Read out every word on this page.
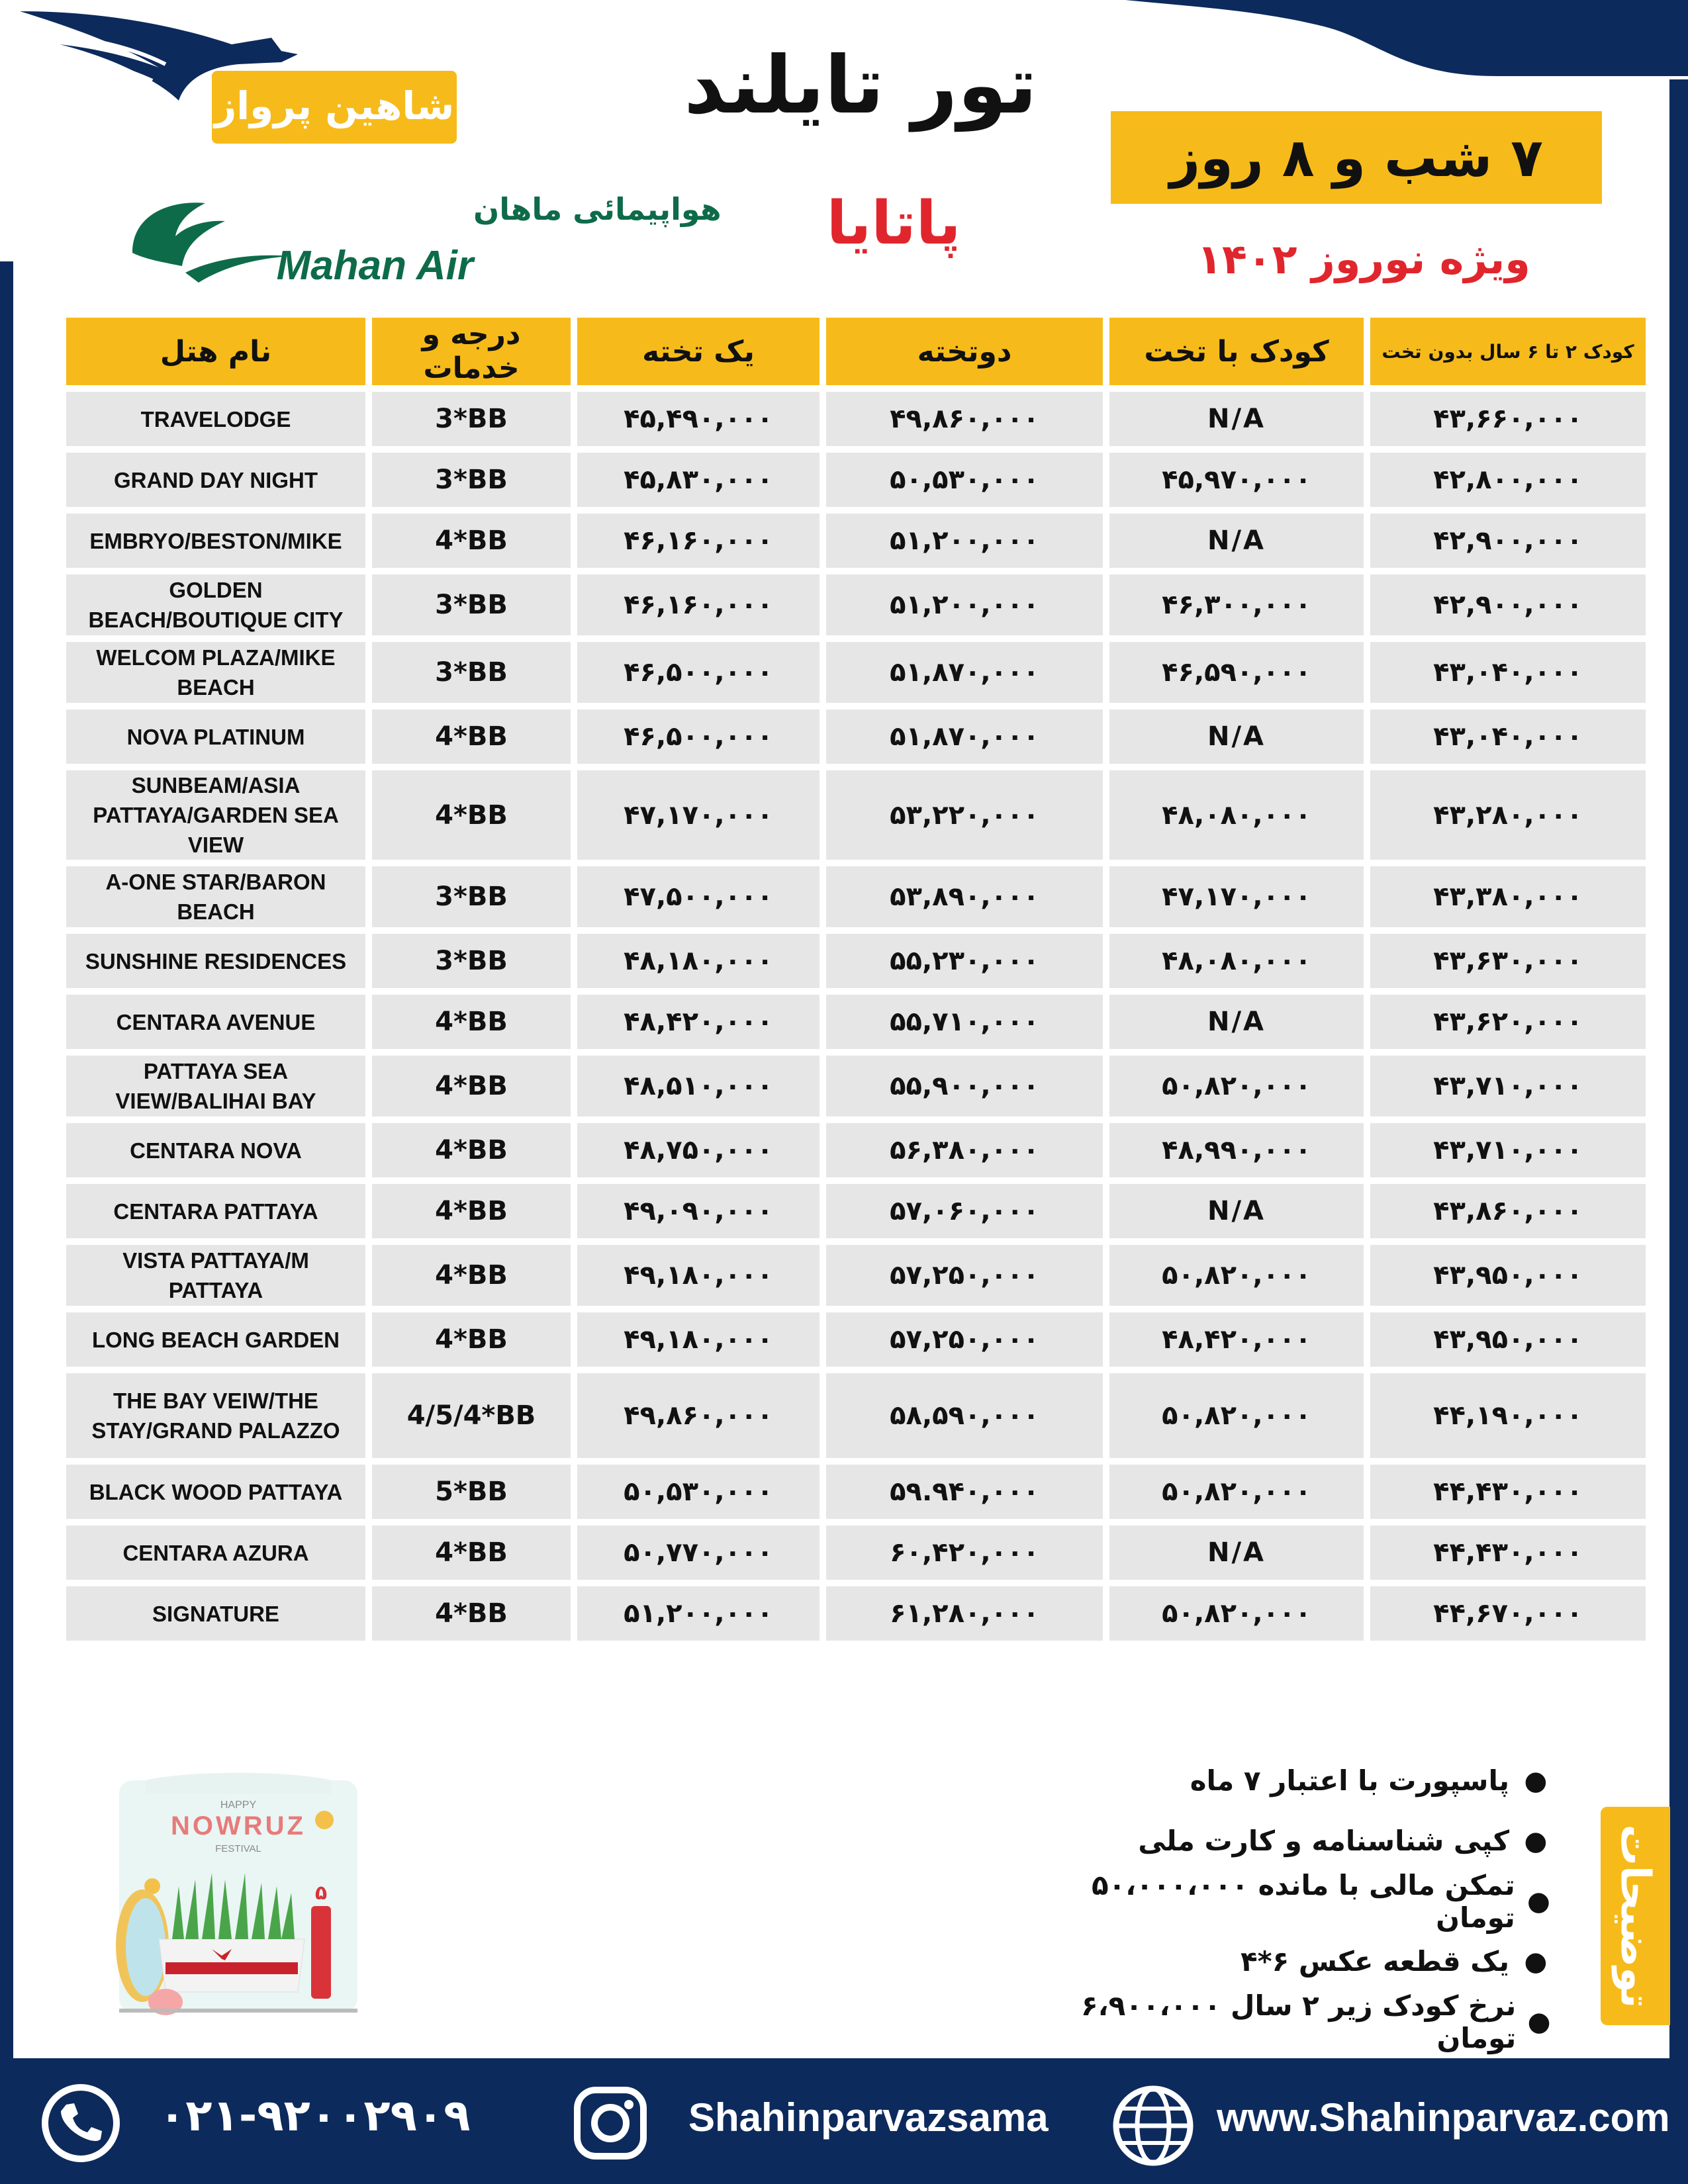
شاهین پرواز
هواپیمائی ماهان
Mahan Air
تور تایلند
پاتایا
۷ شب و ۸ روز
ویژه نوروز ۱۴۰۲
نام هتل	درجه و خدمات	یک تخته	دوتخته	کودک با تخت	کودک ۲ تا ۶ سال بدون تخت
TRAVELODGE	3*BB	۴۵,۴۹۰,۰۰۰	۴۹,۸۶۰,۰۰۰	N/A	۴۳,۶۶۰,۰۰۰
GRAND DAY NIGHT	3*BB	۴۵,۸۳۰,۰۰۰	۵۰,۵۳۰,۰۰۰	۴۵,۹۷۰,۰۰۰	۴۲,۸۰۰,۰۰۰
EMBRYO/BESTON/MIKE	4*BB	۴۶,۱۶۰,۰۰۰	۵۱,۲۰۰,۰۰۰	N/A	۴۲,۹۰۰,۰۰۰
GOLDEN BEACH/BOUTIQUE CITY	3*BB	۴۶,۱۶۰,۰۰۰	۵۱,۲۰۰,۰۰۰	۴۶,۳۰۰,۰۰۰	۴۲,۹۰۰,۰۰۰
WELCOM PLAZA/MIKE BEACH	3*BB	۴۶,۵۰۰,۰۰۰	۵۱,۸۷۰,۰۰۰	۴۶,۵۹۰,۰۰۰	۴۳,۰۴۰,۰۰۰
NOVA PLATINUM	4*BB	۴۶,۵۰۰,۰۰۰	۵۱,۸۷۰,۰۰۰	N/A	۴۳,۰۴۰,۰۰۰
SUNBEAM/ASIA PATTAYA/GARDEN SEA VIEW	4*BB	۴۷,۱۷۰,۰۰۰	۵۳,۲۲۰,۰۰۰	۴۸,۰۸۰,۰۰۰	۴۳,۲۸۰,۰۰۰
A-ONE STAR/BARON BEACH	3*BB	۴۷,۵۰۰,۰۰۰	۵۳,۸۹۰,۰۰۰	۴۷,۱۷۰,۰۰۰	۴۳,۳۸۰,۰۰۰
SUNSHINE RESIDENCES	3*BB	۴۸,۱۸۰,۰۰۰	۵۵,۲۳۰,۰۰۰	۴۸,۰۸۰,۰۰۰	۴۳,۶۳۰,۰۰۰
CENTARA AVENUE	4*BB	۴۸,۴۲۰,۰۰۰	۵۵,۷۱۰,۰۰۰	N/A	۴۳,۶۲۰,۰۰۰
PATTAYA SEA VIEW/BALIHAI BAY	4*BB	۴۸,۵۱۰,۰۰۰	۵۵,۹۰۰,۰۰۰	۵۰,۸۲۰,۰۰۰	۴۳,۷۱۰,۰۰۰
CENTARA NOVA	4*BB	۴۸,۷۵۰,۰۰۰	۵۶,۳۸۰,۰۰۰	۴۸,۹۹۰,۰۰۰	۴۳,۷۱۰,۰۰۰
CENTARA PATTAYA	4*BB	۴۹,۰۹۰,۰۰۰	۵۷,۰۶۰,۰۰۰	N/A	۴۳,۸۶۰,۰۰۰
VISTA PATTAYA/M PATTAYA	4*BB	۴۹,۱۸۰,۰۰۰	۵۷,۲۵۰,۰۰۰	۵۰,۸۲۰,۰۰۰	۴۳,۹۵۰,۰۰۰
LONG BEACH GARDEN	4*BB	۴۹,۱۸۰,۰۰۰	۵۷,۲۵۰,۰۰۰	۴۸,۴۲۰,۰۰۰	۴۳,۹۵۰,۰۰۰
THE BAY VEIW/THE STAY/GRAND PALAZZO	4/5/4*BB	۴۹,۸۶۰,۰۰۰	۵۸,۵۹۰,۰۰۰	۵۰,۸۲۰,۰۰۰	۴۴,۱۹۰,۰۰۰
BLACK WOOD PATTAYA	5*BB	۵۰,۵۳۰,۰۰۰	۵۹.۹۴۰,۰۰۰	۵۰,۸۲۰,۰۰۰	۴۴,۴۳۰,۰۰۰
CENTARA AZURA	4*BB	۵۰,۷۷۰,۰۰۰	۶۰,۴۲۰,۰۰۰	N/A	۴۴,۴۳۰,۰۰۰
SIGNATURE	4*BB	۵۱,۲۰۰,۰۰۰	۶۱,۲۸۰,۰۰۰	۵۰,۸۲۰,۰۰۰	۴۴,۶۷۰,۰۰۰
HAPPY
NOWRUZ
FESTIVAL
۵
●
پاسپورت با اعتبار ۷ ماه
●
کپی شناسنامه و کارت ملی
●
تمکن مالی با مانده ۵۰،۰۰۰،۰۰۰ تومان
●
یک قطعه عکس ۶*۴
●
نرخ کودک زیر ۲ سال ۶،۹۰۰،۰۰۰ تومان
توضیحات
۰۲۱-۹۲۰۰۲۹۰۹	Shahinparvazsama	www.Shahinparvaz.com
